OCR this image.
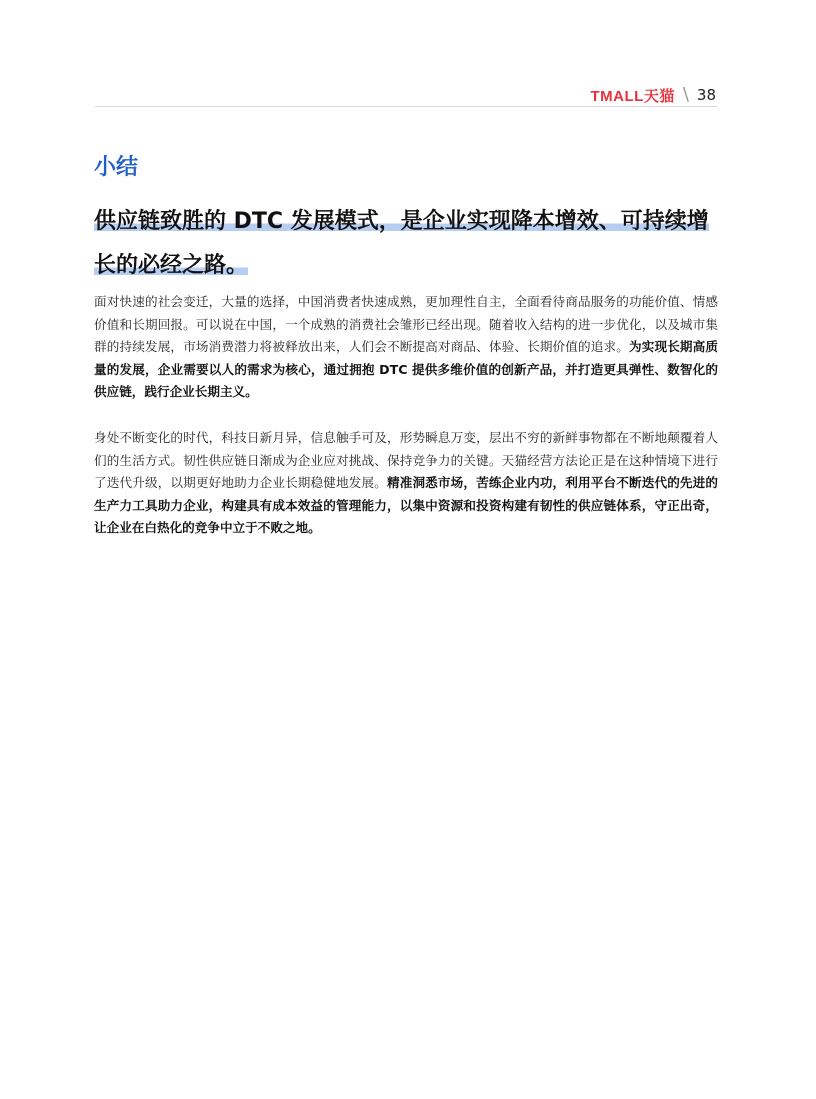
TMALL天猫 \ 38
小结
供应链致胜的 DTC 发展模式，是企业实现降本增效、可持续增长的必经之路。

面对快速的社会变迁，大量的选择，中国消费者快速成熟，更加理性自主，全面看待商品服务的功能价值、情感价值和长期回报。可以说在中国，一个成熟的消费社会雏形已经出现。随着收入结构的进一步优化，以及城市集群的持续发展，市场消费潜力将被释放出来，人们会不断提高对商品、体验、长期价值的追求。为实现长期高质量的发展，企业需要以人的需求为核心，通过拥抱 DTC 提供多维价值的创新产品，并打造更具弹性、数智化的供应链，践行企业长期主义。

身处不断变化的时代，科技日新月异，信息触手可及，形势瞬息万变，层出不穷的新鲜事物都在不断地颠覆着人们的生活方式。韧性供应链日渐成为企业应对挑战、保持竞争力的关键。天猫经营方法论正是在这种情境下进行了迭代升级，以期更好地助力企业长期稳健地发展。精准洞悉市场，苦练企业内功，利用平台不断迭代的先进的生产力工具助力企业，构建具有成本效益的管理能力，以集中资源和投资构建有韧性的供应链体系，守正出奇，让企业在白热化的竞争中立于不败之地。
